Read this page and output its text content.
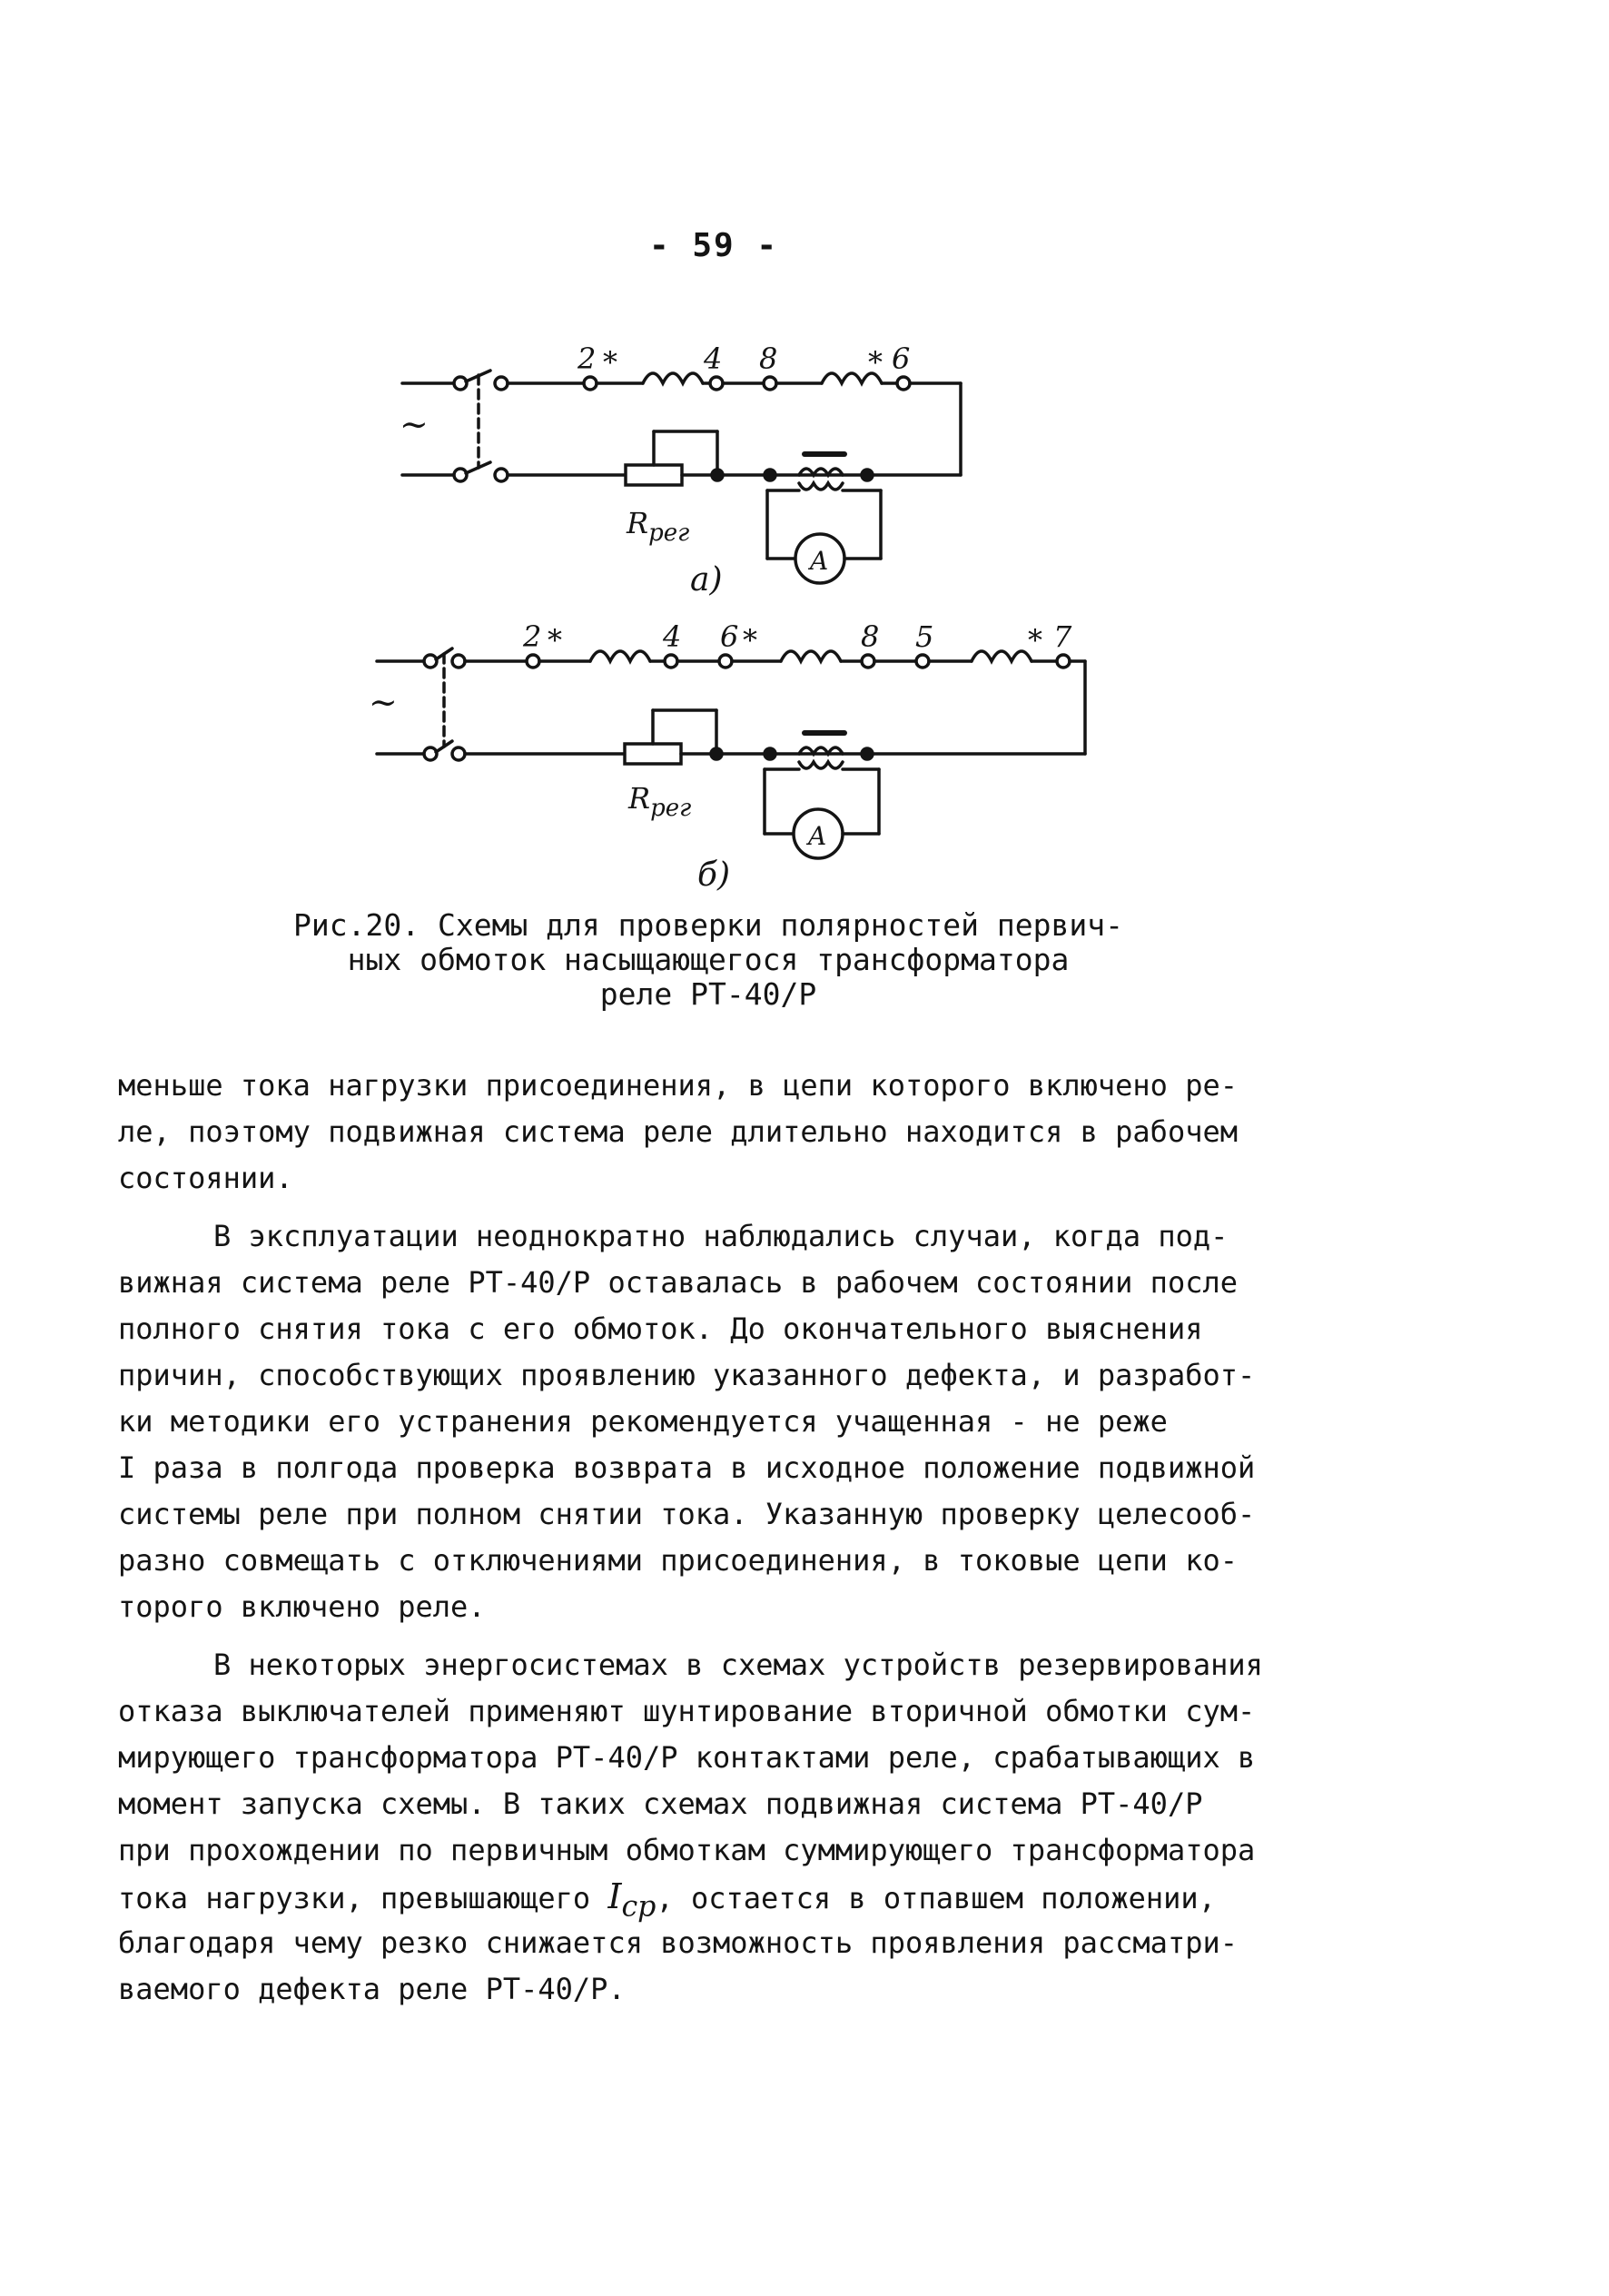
- 59 -
2 *	4 8	* 6
~
$R_{рег}$
A
а)
2 *	4 6 *	8 5	* 7
~
$R_{рег}$
A
б)
Рис.20. Схемы для проверки полярностей первич-
ных обмоток насыщающегося трансформатора
реле РТ-40/Р
меньше тока нагрузки присоединения, в цепи которого включено ре-
ле, поэтому подвижная система реле длительно находится в рабочем
состоянии.
В эксплуатации неоднократно наблюдались случаи, когда под-
вижная система реле РТ-40/Р оставалась в рабочем состоянии после
полного снятия тока с его обмоток. До окончательного выяснения
причин, способствующих проявлению указанного дефекта, и разработ-
ки методики его устранения рекомендуется учащенная - не реже
I раза в полгода проверка возврата в исходное положение подвижной
системы реле при полном снятии тока. Указанную проверку целесооб-
разно совмещать с отключениями присоединения, в токовые цепи ко-
торого включено реле.
В некоторых энергосистемах в схемах устройств резервирования
отказа выключателей применяют шунтирование вторичной обмотки сум-
мирующего трансформатора РТ-40/Р контактами реле, срабатывающих в
момент запуска схемы. В таких схемах подвижная система РТ-40/Р
при прохождении по первичным обмоткам суммирующего трансформатора
тока нагрузки, превышающего $I_{ср}$, остается в отпавшем положении,
благодаря чему резко снижается возможность проявления рассматри-
ваемого дефекта реле РТ-40/Р.
